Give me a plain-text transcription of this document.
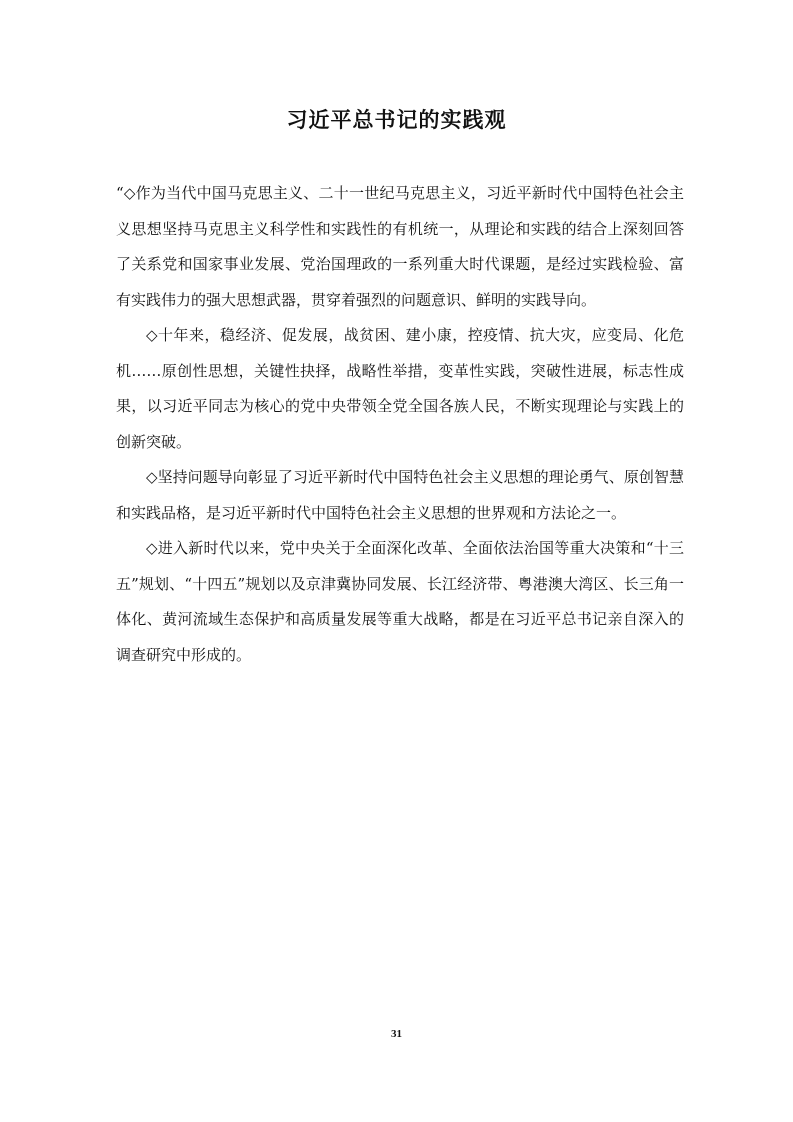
习近平总书记的实践观

“◇作为当代中国马克思主义、二十一世纪马克思主义，习近平新时代中国特色社会主义思想坚持马克思主义科学性和实践性的有机统一，从理论和实践的结合上深刻回答了关系党和国家事业发展、党治国理政的一系列重大时代课题，是经过实践检验、富有实践伟力的强大思想武器，贯穿着强烈的问题意识、鲜明的实践导向。

◇十年来，稳经济、促发展，战贫困、建小康，控疫情、抗大灾，应变局、化危机……原创性思想，关键性抉择，战略性举措，变革性实践，突破性进展，标志性成果，以习近平同志为核心的党中央带领全党全国各族人民，不断实现理论与实践上的创新突破。

◇坚持问题导向彰显了习近平新时代中国特色社会主义思想的理论勇气、原创智慧和实践品格，是习近平新时代中国特色社会主义思想的世界观和方法论之一。

◇进入新时代以来，党中央关于全面深化改革、全面依法治国等重大决策和“十三五”规划、“十四五”规划以及京津冀协同发展、长江经济带、粤港澳大湾区、长三角一体化、黄河流域生态保护和高质量发展等重大战略，都是在习近平总书记亲自深入的调查研究中形成的。

31
